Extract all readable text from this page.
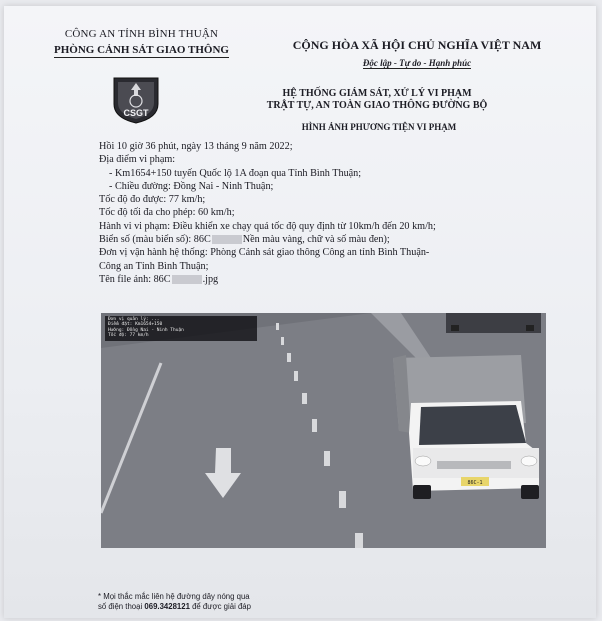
CÔNG AN TỈNH BÌNH THUẬN
PHÒNG CẢNH SÁT GIAO THÔNG	CỘNG HÒA XÃ HỘI CHỦ NGHĨA VIỆT NAM
Độc lập - Tự do - Hạnh phúc
CSGT
HỆ THỐNG GIÁM SÁT, XỬ LÝ VI PHẠM
TRẬT TỰ, AN TOÀN GIAO THÔNG ĐƯỜNG BỘ
HÌNH ẢNH PHƯƠNG TIỆN VI PHẠM
Hồi 10 giờ 36 phút, ngày 13 tháng 9 năm 2022;
Địa điểm vi phạm:
- Km1654+150 tuyến Quốc lộ 1A đoạn qua Tỉnh Bình Thuận;
- Chiều đường: Đồng Nai - Ninh Thuận;
Tốc độ đo được: 77 km/h;
Tốc độ tối đa cho phép: 60 km/h;
Hành vi vi phạm: Điều khiển xe chạy quá tốc độ quy định từ 10km/h đến 20 km/h;
Biển số (màu biển số): 86C	Nền màu vàng, chữ và số màu đen);
Đơn vị vận hành hệ thống: Phòng Cảnh sát giao thông Công an tỉnh Bình Thuận-
Công an Tỉnh Bình Thuận;
Tên file ảnh: 86C	.jpg
86C-1
Đơn vị quản lý: ...
Điểm đặt: Km1654+150
Hướng: Đồng Nai - Ninh Thuận
Tốc độ: 77 km/h
* Mọi thắc mắc liên hệ đường dây nóng qua
số điện thoại 069.3428121 để được giải đáp
